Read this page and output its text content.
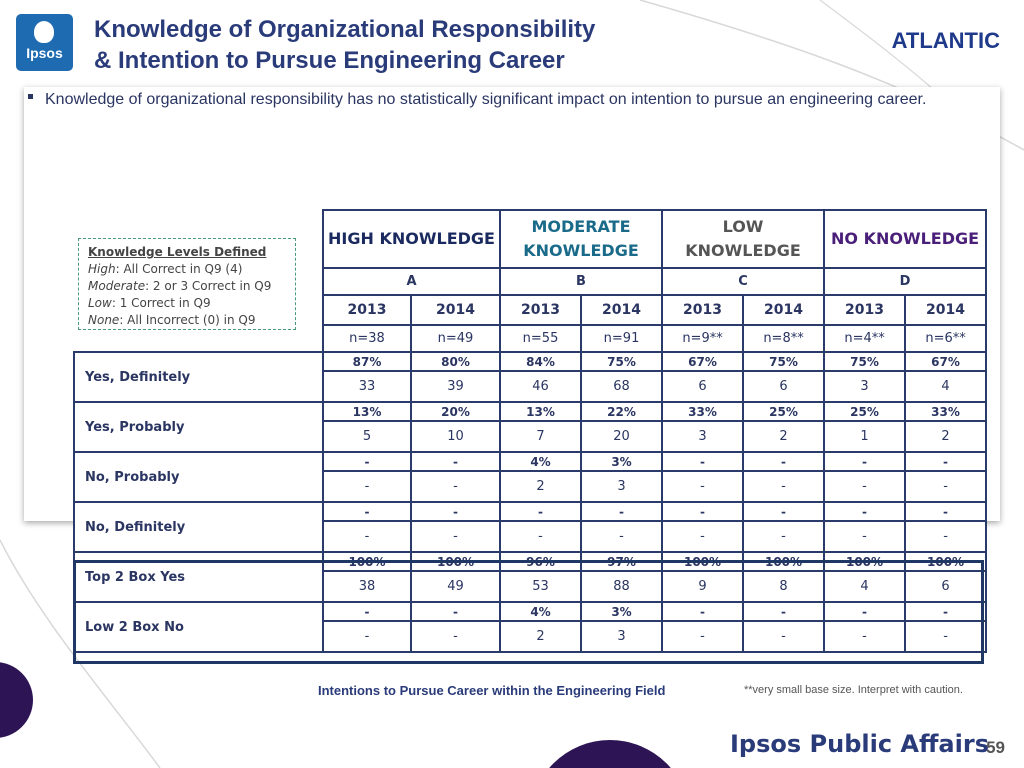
Ipsos
Knowledge of Organizational Responsibility
& Intention to Pursue Engineering Career
ATLANTIC
Knowledge of organizational responsibility has no statistically significant impact on intention to pursue an engineering career.
Knowledge Levels Defined
High: All Correct in Q9 (4)
Moderate: 2 or 3 Correct in Q9
Low: 1 Correct in Q9
None: All Incorrect (0) in Q9
	HIGH KNOWLEDGE		MODERATE KNOWLEDGE		LOW KNOWLEDGE		NO KNOWLEDGE	
	A		B		C		D	
	2013	2014	2013	2014	2013	2014	2013	2014
	n=38	n=49	n=55	n=91	n=9**	n=8**	n=4**	n=6**
Yes, Definitely	87%	80%	84%	75%	67%	75%	75%	67%
	33	39	46	68	6	6	3	4
Yes, Probably	13%	20%	13%	22%	33%	25%	25%	33%
	5	10	7	20	3	2	1	2
No, Probably	-	-	4%	3%	-	-	-	-
	-	-	2	3	-	-	-	-
No, Definitely	-	-	-	-	-	-	-	-
	-	-	-	-	-	-	-	-
Top 2 Box Yes	100%	100%	96%	97%	100%	100%	100%	100%
	38	49	53	88	9	8	4	6
Low 2 Box No	-	-	4%	3%	-	-	-	-
	-	-	2	3	-	-	-	-
Intentions to Pursue Career within the Engineering Field	**very small base size. Interpret with caution.
Ipsos Public Affairs
59
